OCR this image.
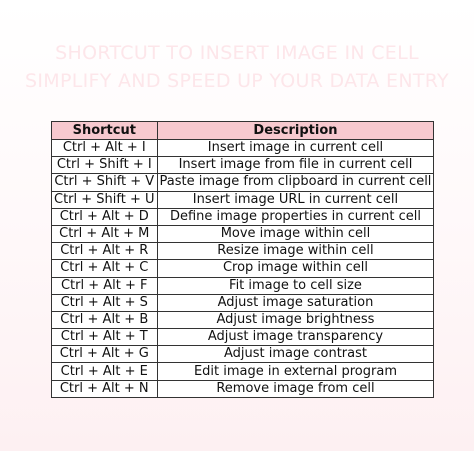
SHORTCUT TO INSERT IMAGE IN CELL
SIMPLIFY AND SPEED UP YOUR DATA ENTRY
Shortcut	Description
Ctrl + Alt + I	Insert image in current cell
Ctrl + Shift + I	Insert image from file in current cell
Ctrl + Shift + V	Paste image from clipboard in current cell
Ctrl + Shift + U	Insert image URL in current cell
Ctrl + Alt + D	Define image properties in current cell
Ctrl + Alt + M	Move image within cell
Ctrl + Alt + R	Resize image within cell
Ctrl + Alt + C	Crop image within cell
Ctrl + Alt + F	Fit image to cell size
Ctrl + Alt + S	Adjust image saturation
Ctrl + Alt + B	Adjust image brightness
Ctrl + Alt + T	Adjust image transparency
Ctrl + Alt + G	Adjust image contrast
Ctrl + Alt + E	Edit image in external program
Ctrl + Alt + N	Remove image from cell
